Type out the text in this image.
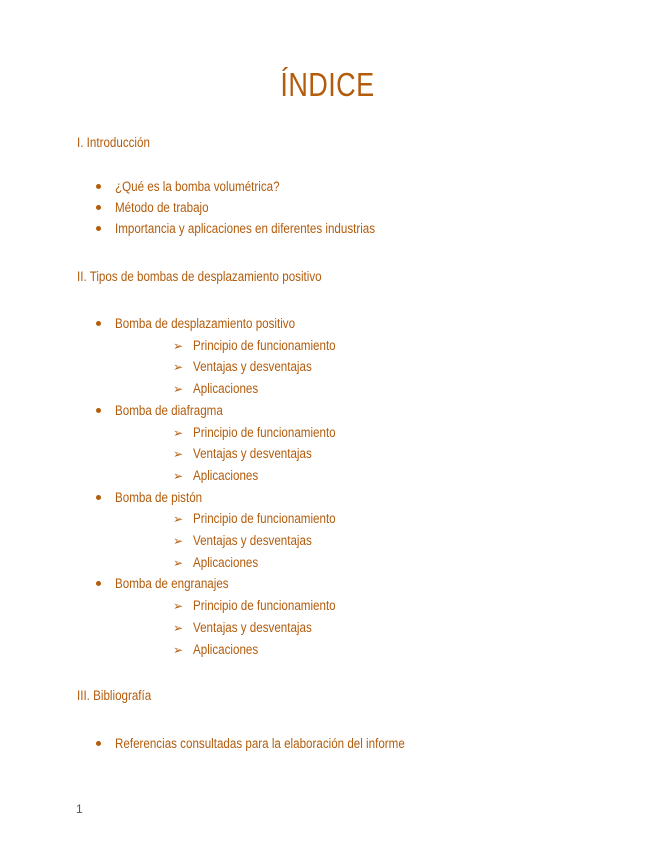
ÍNDICE
I. Introducción
¿Qué es la bomba volumétrica?
Método de trabajo
Importancia y aplicaciones en diferentes industrias
II. Tipos de bombas de desplazamiento positivo
Bomba de desplazamiento positivo
➢ Principio de funcionamiento
➢ Ventajas y desventajas
➢ Aplicaciones
Bomba de diafragma
➢ Principio de funcionamiento
➢ Ventajas y desventajas
➢ Aplicaciones
Bomba de pistón
➢ Principio de funcionamiento
➢ Ventajas y desventajas
➢ Aplicaciones
Bomba de engranajes
➢ Principio de funcionamiento
➢ Ventajas y desventajas
➢ Aplicaciones
III. Bibliografía
Referencias consultadas para la elaboración del informe
1
